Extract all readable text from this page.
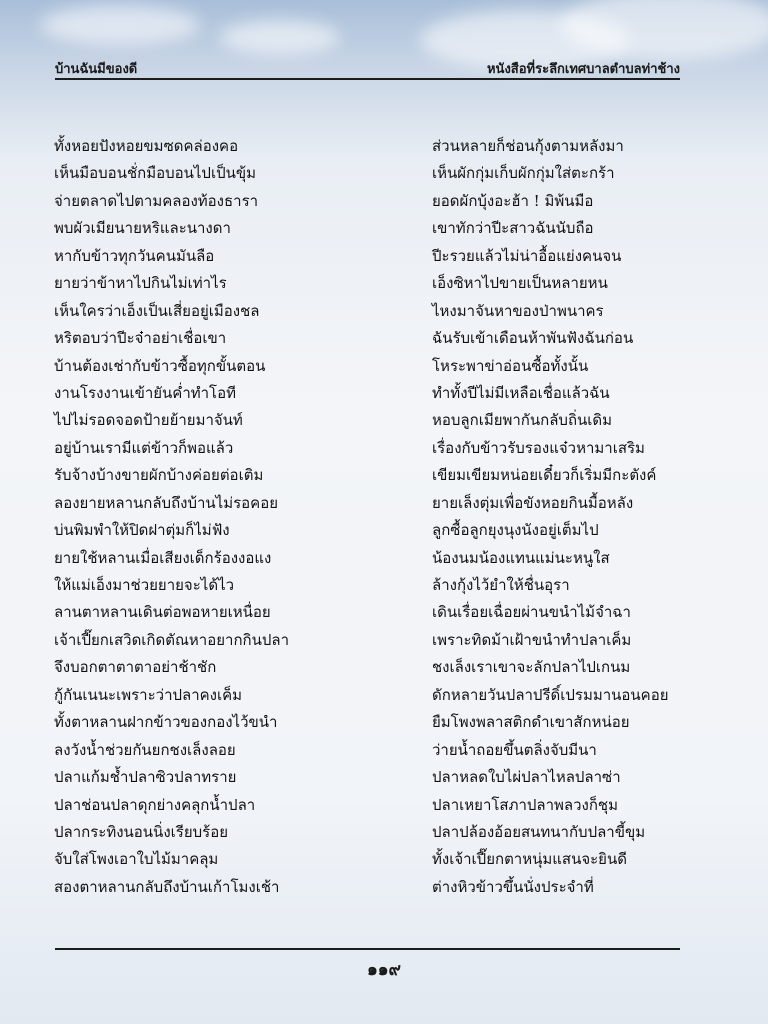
บ้านฉันมีของดี	หนังสือที่ระลึกเทศบาลตำบลท่าช้าง
ทั้งหอยปังหอยขมซดคล่องคอ
เห็นมือบอนชั่กมือบอนไปเป็นขุ้ม
จ่ายตลาดไปตามคลองท้องธารา
พบผัวเมียนายหริและนางดา
หากับข้าวทุกวันคนมันลือ
ยายว่าข้าหาไปกินไม่เท่าไร
เห็นใครว่าเอ็งเป็นเสี่ยอยู่เมืองชล
หริตอบว่าปีะจ๋าอย่าเชื่อเขา
บ้านต้องเช่ากับข้าวซื้อทุกขั้นตอน
งานโรงงานเข้ายันค่ำทำโอที
ไปไม่รอดจอดป้ายย้ายมาจันท์
อยู่บ้านเรามีแต่ข้าวก็พอแล้ว
รับจ้างบ้างขายผักบ้างค่อยต่อเติม
ลองยายหลานกลับถึงบ้านไม่รอคอย
บ่นพิมพำให้ปิดฝาตุ่มก็ไม่ฟัง
ยายใช้หลานเมื่อเสียงเด็กร้องงอแง
ให้แม่เอ็งมาช่วยยายจะได้ไว
ลานตาหลานเดินต่อพอหายเหนื่อย
เจ้าเปี๊ยกเสวิดเกิดตัณหาอยากกินปลา
จึงบอกตาตาตาอย่าช้าชัก
กู้กันเนนะเพราะว่าปลาคงเค็ม
ทั้งตาหลานฝากข้าวของกองไว้ขนำ
ลงวังน้ำช่วยกันยกชงเล็งลอย
ปลาแก้มช้ำปลาซิวปลาทราย
ปลาช่อนปลาดุกย่างคลุกน้ำปลา
ปลากระทิงนอนนิ่งเรียบร้อย
จับใส่โพงเอาใบไม้มาคลุม
สองตาหลานกลับถึงบ้านเก้าโมงเช้า
ส่วนหลายก็ช่อนกุ้งตามหลังมา
เห็นผักกุ่มเก็บผักกุ่มใส่ตะกร้า
ยอดผักบุ้งอะฮ้า ! มิพ้นมือ
เขาทักว่าปีะสาวฉันนับถือ
ปีะรวยแล้วไม่น่าอื้อแย่งคนจน
เอ็งซิหาไปขายเป็นหลายหน
ไหงมาจันหาของป่าพนาคร
ฉันรับเข้าเดือนห้าพันฟังฉันก่อน
โหระพาข่าอ่อนซื้อทั้งนั้น
ทำทั้งปีไม่มีเหลือเชื่อแล้วฉัน
หอบลูกเมียพากันกลับถิ่นเดิม
เรื่องกับข้าวรับรองแจ๋วหามาเสริม
เขียมเขียมหน่อยเดี๋ยวก็เริ่มมีกะตังค์
ยายเล็งตุ่มเพื่อขังหอยกินมื้อหลัง
ลูกซื้อลูกยุงนุงนังอยู่เต็มไป
น้องนมน้องแทนแม่นะหนูใส
ล้างกุ้งไว้ยำให้ชื่นอุรา
เดินเรื่อยเฉื่อยผ่านขนำไม้จำฉา
เพราะทิดม้าเฝ้าขนำทำปลาเค็ม
ชงเล็งเราเขาจะลักปลาไปเกนม
ดักหลายวันปลาปรีดิ์เปรมมานอนคอย
ยืมโพงพลาสติกดำเขาสักหน่อย
ว่ายน้ำถอยขึ้นตลิ่งจับมีนา
ปลาหลดใบไผ่ปลาไหลปลาซ่า
ปลาเหยาโสภาปลาพลวงก็ชุม
ปลาปล้องอ้อยสนทนากับปลาขี้ขุม
ทั้งเจ้าเปี๊ยกตาหนุ่มแสนจะยินดี
ต่างหิวข้าวขึ้นนั่งประจำที่
๑๑๙
